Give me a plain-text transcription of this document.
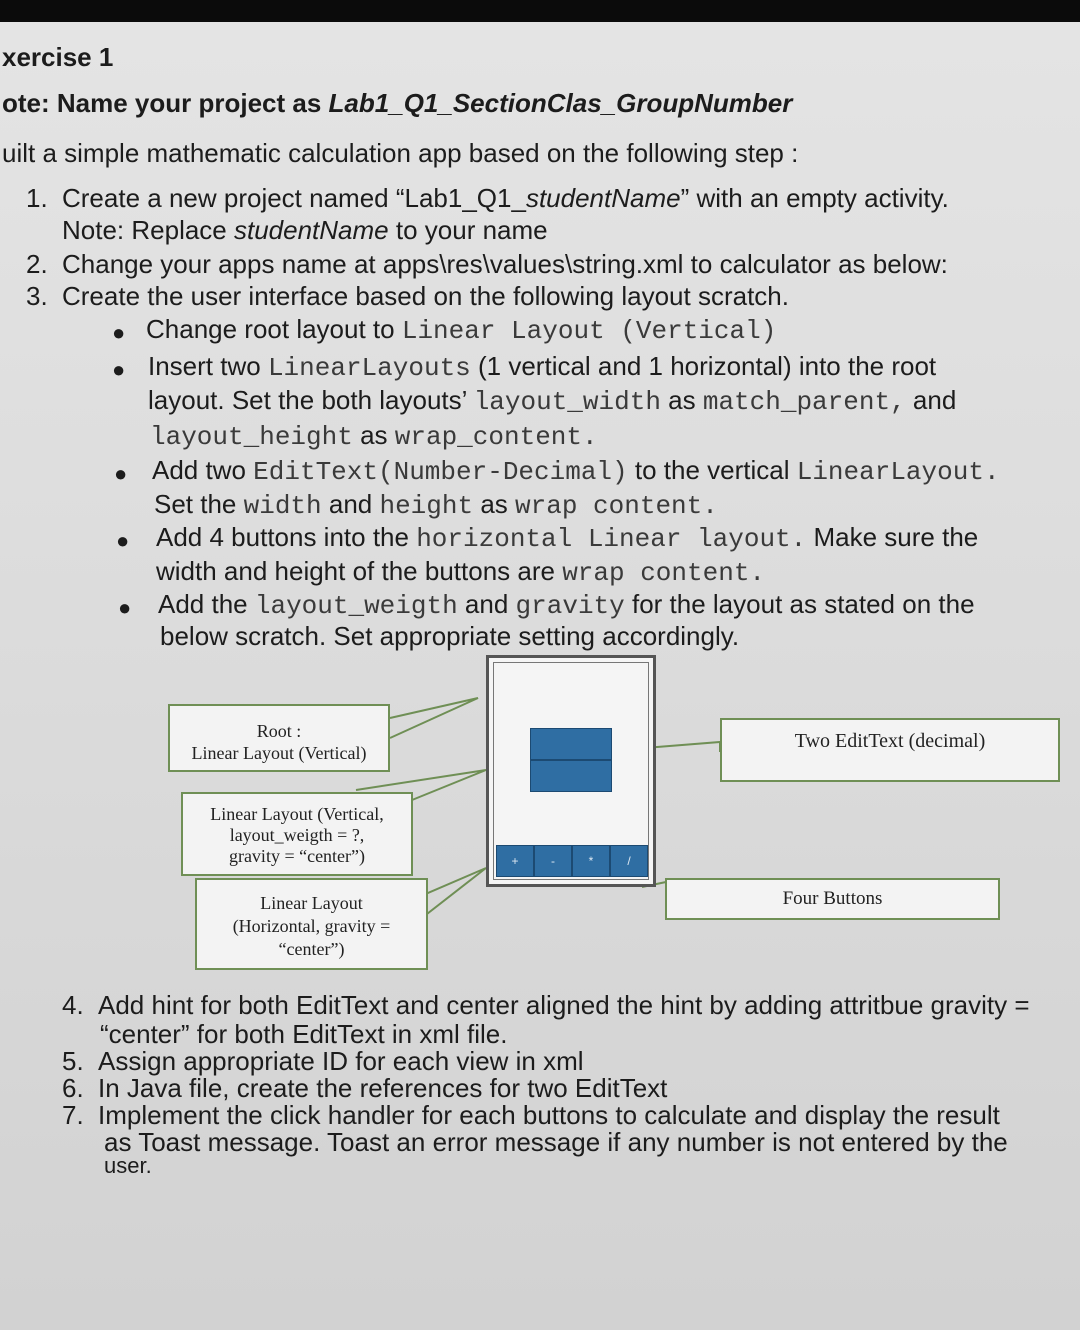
xercise 1
ote: Name your project as Lab1_Q1_SectionClas_GroupNumber
uilt a simple mathematic calculation app based on the following step :
1. Create a new project named “Lab1_Q1_studentName” with an empty activity.
Note: Replace studentName to your name
2. Change your apps name at apps\res\values\string.xml to calculator as below:
3. Create the user interface based on the following layout scratch.
● Change root layout to Linear Layout (Vertical)
● Insert two LinearLayouts (1 vertical and 1 horizontal) into the root
layout. Set the both layouts’ layout_width as match_parent, and
layout_height as wrap_content.
● Add two EditText(Number-Decimal) to the vertical LinearLayout.
Set the width and height as wrap content.
● Add 4 buttons into the horizontal Linear layout. Make sure the
width and height of the buttons are wrap content.
● Add the layout_weigth and gravity for the layout as stated on the
below scratch. Set appropriate setting accordingly.
Root :
Linear Layout (Vertical)
Linear Layout (Vertical,
layout_weigth = ?,
gravity = “center”)
Linear Layout
(Horizontal, gravity =
“center”)
+	-	*	/
Two EditText (decimal)
Four Buttons
4. Add hint for both EditText and center aligned the hint by adding attritbue gravity =
“center” for both EditText in xml file.
5. Assign appropriate ID for each view in xml
6. In Java file, create the references for two EditText
7. Implement the click handler for each buttons to calculate and display the result
as Toast message. Toast an error message if any number is not entered by the
user.
